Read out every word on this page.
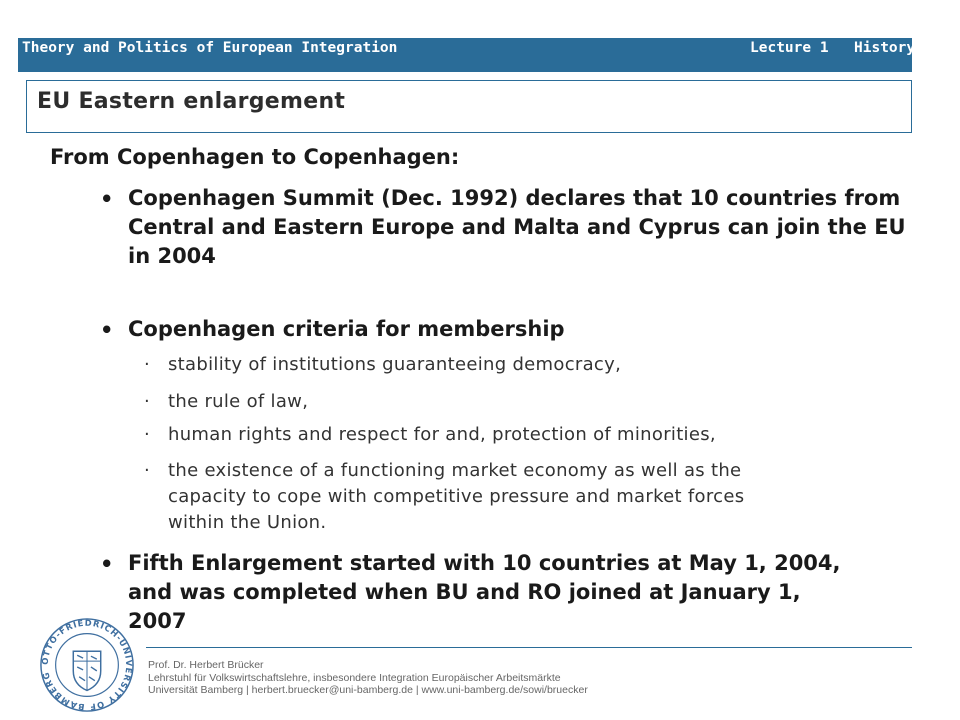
Theory and Politics of European Integration	Lecture 1 History
EU Eastern enlargement
From Copenhagen to Copenhagen:
• Copenhagen Summit (Dec. 1992) declares that 10 countries from Central and Eastern Europe and Malta and Cyprus can join the EU in 2004
• Copenhagen criteria for membership
· stability of institutions guaranteeing democracy,
· the rule of law,
· human rights and respect for and, protection of minorities,
· the existence of a functioning market economy as well as the capacity to cope with competitive pressure and market forces within the Union.
• Fifth Enlargement started with 10 countries at May 1, 2004, and was completed when BU and RO joined at January 1, 2007
OTTO-FRIEDRICH-UNIVERSITY OF BAMBERG
Prof. Dr. Herbert Brücker
Lehrstuhl für Volkswirtschaftslehre, insbesondere Integration Europäischer Arbeitsmärkte
Universität Bamberg | herbert.bruecker@uni-bamberg.de | www.uni-bamberg.de/sowi/bruecker
